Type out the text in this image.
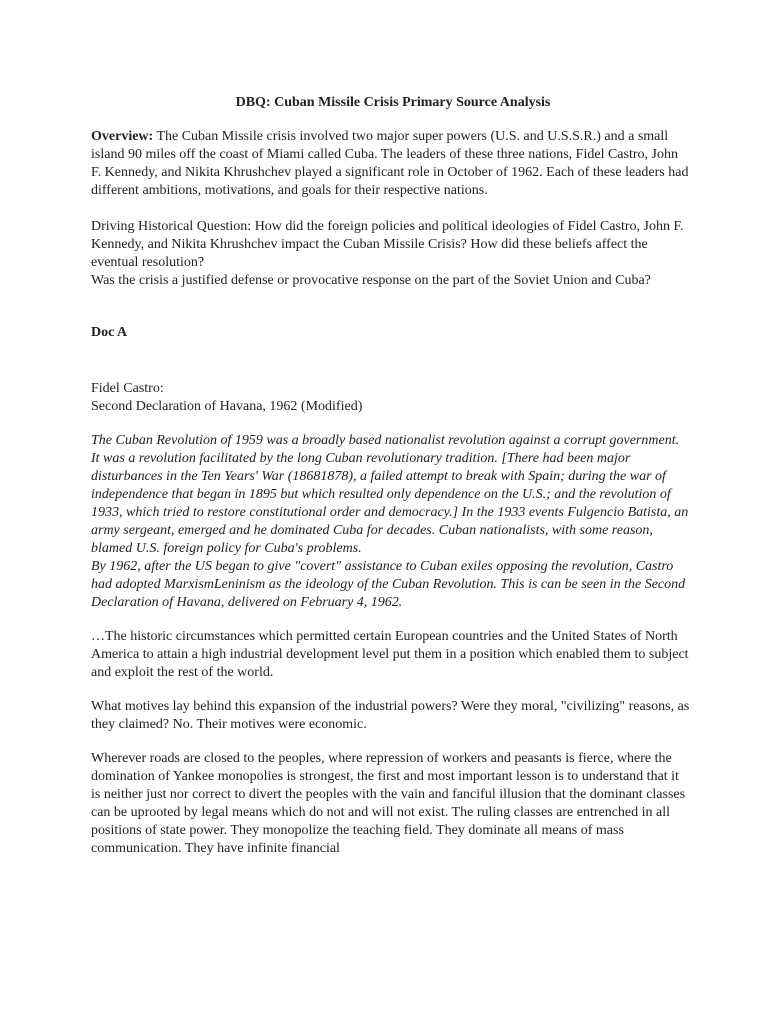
DBQ: Cuban Missile Crisis Primary Source Analysis

Overview: The Cuban Missile crisis involved two major super powers (U.S. and U.S.S.R.) and a small island 90 miles off the coast of Miami called Cuba. The leaders of these three nations, Fidel Castro, John F. Kennedy, and Nikita Khrushchev played a significant role in October of 1962. Each of these leaders had different ambitions, motivations, and goals for their respective nations.

Driving Historical Question: How did the foreign policies and political ideologies of Fidel Castro, John F. Kennedy, and Nikita Khrushchev impact the Cuban Missile Crisis? How did these beliefs affect the eventual resolution?

Was the crisis a justified defense or provocative response on the part of the Soviet Union and Cuba?

Doc A

Fidel Castro:

Second Declaration of Havana, 1962 (Modified)

The Cuban Revolution of 1959 was a broadly based nationalist revolution against a corrupt government. It was a revolution facilitated by the long Cuban revolutionary tradition. [There had been major disturbances in the Ten Years' War (18681878), a failed attempt to break with Spain; during the war of independence that began in 1895 but which resulted only dependence on the U.S.; and the revolution of 1933, which tried to restore constitutional order and democracy.] In the 1933 events Fulgencio Batista, an army sergeant, emerged and he dominated Cuba for decades. Cuban nationalists, with some reason, blamed U.S. foreign policy for Cuba's problems.

By 1962, after the US began to give "covert" assistance to Cuban exiles opposing the revolution, Castro had adopted MarxismLeninism as the ideology of the Cuban Revolution. This is can be seen in the Second Declaration of Havana, delivered on February 4, 1962.

…The historic circumstances which permitted certain European countries and the United States of North America to attain a high industrial development level put them in a position which enabled them to subject and exploit the rest of the world.

What motives lay behind this expansion of the industrial powers? Were they moral, "civilizing" reasons, as they claimed? No. Their motives were economic.

Wherever roads are closed to the peoples, where repression of workers and peasants is fierce, where the domination of Yankee monopolies is strongest, the first and most important lesson is to understand that it is neither just nor correct to divert the peoples with the vain and fanciful illusion that the dominant classes can be uprooted by legal means which do not and will not exist. The ruling classes are entrenched in all positions of state power. They monopolize the teaching field. They dominate all means of mass communication. They have infinite financial
